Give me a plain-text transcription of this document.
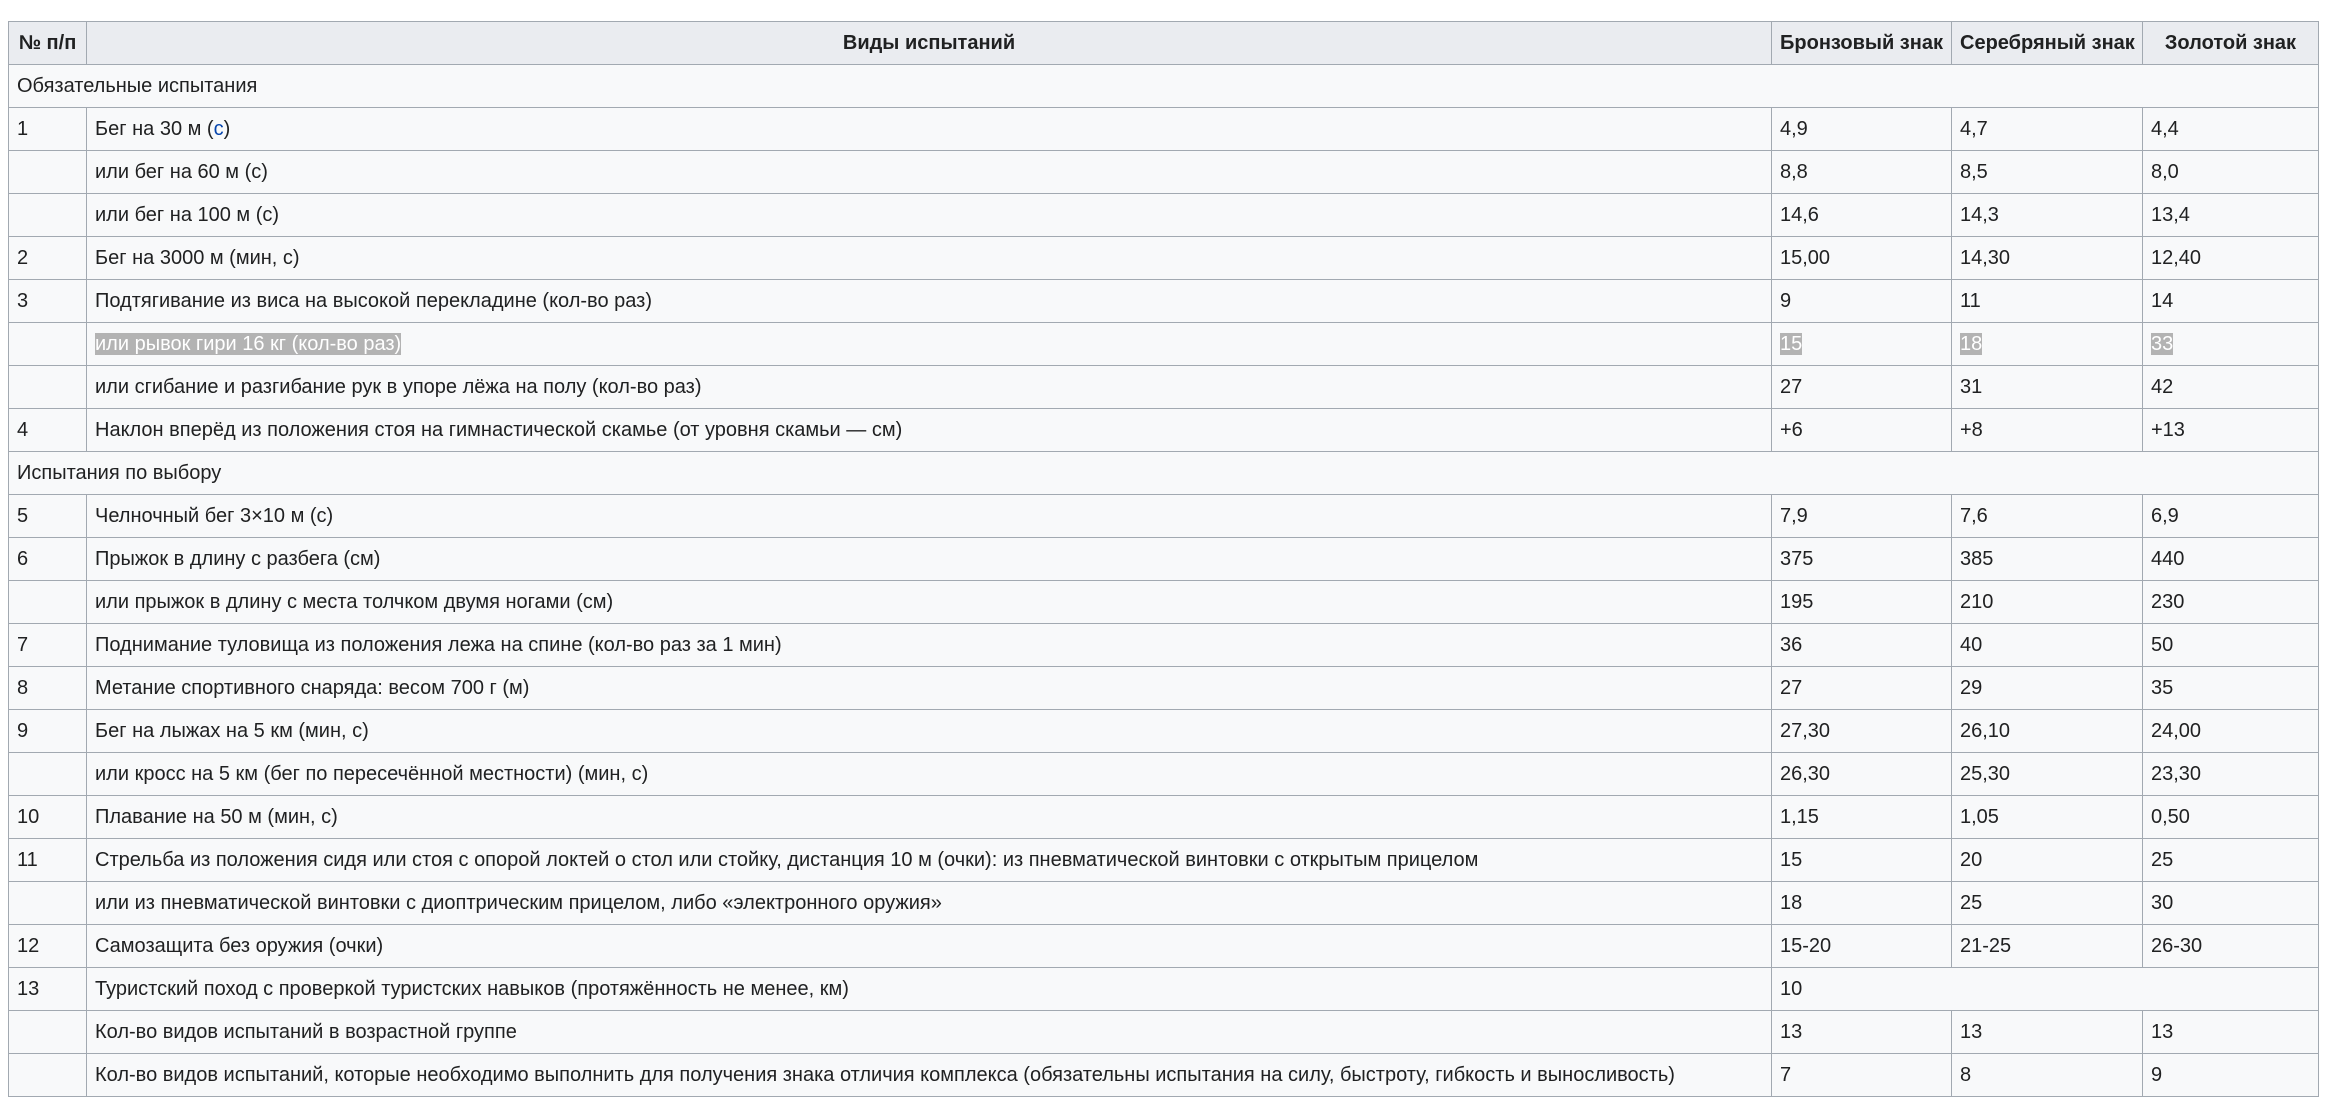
№ п/п	Виды испытаний	Бронзовый знак	Серебряный знак	Золотой знак
Обязательные испытания				
1	Бег на 30 м (с)	4,9	4,7	4,4
	или бег на 60 м (с)	8,8	8,5	8,0
	или бег на 100 м (с)	14,6	14,3	13,4
2	Бег на 3000 м (мин, с)	15,00	14,30	12,40
3	Подтягивание из виса на высокой перекладине (кол-во раз)	9	11	14
	или рывок гири 16 кг (кол-во раз)	15	18	33
	или сгибание и разгибание рук в упоре лёжа на полу (кол-во раз)	27	31	42
4	Наклон вперёд из положения стоя на гимнастической скамье (от уровня скамьи — см)	+6	+8	+13
Испытания по выбору				
5	Челночный бег 3×10 м (с)	7,9	7,6	6,9
6	Прыжок в длину с разбега (см)	375	385	440
	или прыжок в длину с места толчком двумя ногами (см)	195	210	230
7	Поднимание туловища из положения лежа на спине (кол-во раз за 1 мин)	36	40	50
8	Метание спортивного снаряда: весом 700 г (м)	27	29	35
9	Бег на лыжах на 5 км (мин, с)	27,30	26,10	24,00
	или кросс на 5 км (бег по пересечённой местности) (мин, с)	26,30	25,30	23,30
10	Плавание на 50 м (мин, с)	1,15	1,05	0,50
11	Стрельба из положения сидя или стоя с опорой локтей о стол или стойку, дистанция 10 м (очки): из пневматической винтовки с открытым прицелом	15	20	25
	или из пневматической винтовки с диоптрическим прицелом, либо «электронного оружия»	18	25	30
12	Самозащита без оружия (очки)	15-20	21-25	26-30
13	Туристский поход с проверкой туристских навыков (протяжённость не менее, км)	10		
	Кол-во видов испытаний в возрастной группе	13	13	13
	Кол-во видов испытаний, которые необходимо выполнить для получения знака отличия комплекса (обязательны испытания на силу, быстроту, гибкость и выносливость)	7	8	9
